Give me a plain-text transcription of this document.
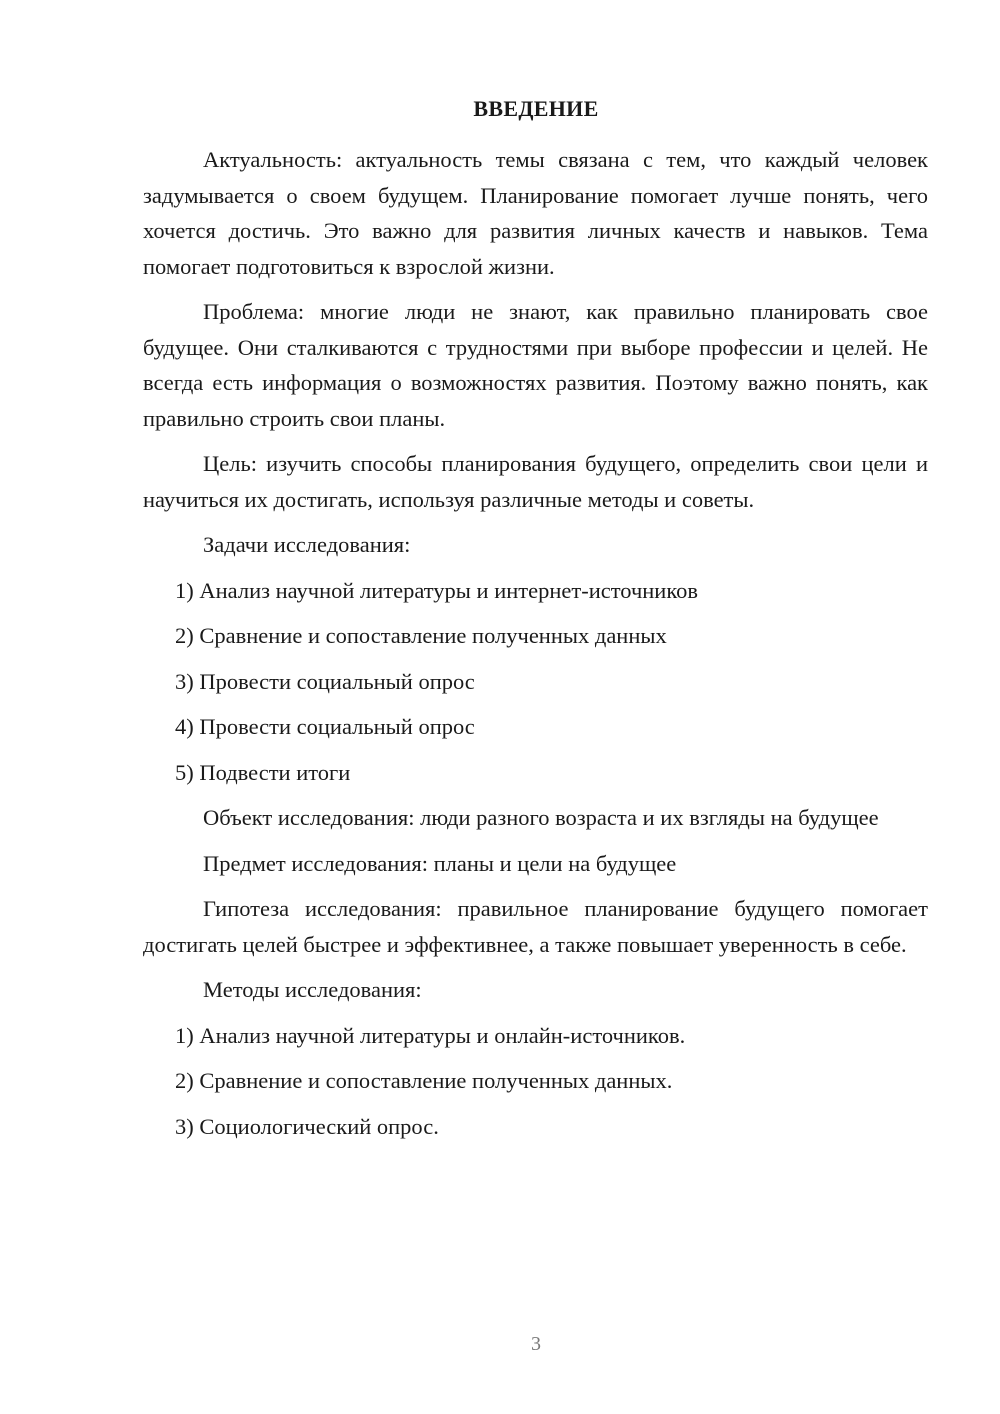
ВВЕДЕНИЕ

Актуальность: актуальность темы связана с тем, что каждый человек задумывается о своем будущем. Планирование помогает лучше понять, чего хочется достичь. Это важно для развития личных качеств и навыков. Тема помогает подготовиться к взрослой жизни.

Проблема: многие люди не знают, как правильно планировать свое будущее. Они сталкиваются с трудностями при выборе профессии и целей. Не всегда есть информация о возможностях развития. Поэтому важно понять, как правильно строить свои планы.

Цель: изучить способы планирования будущего, определить свои цели и научиться их достигать, используя различные методы и советы.

Задачи исследования:

1) Анализ научной литературы и интернет-источников
2) Сравнение и сопоставление полученных данных
3) Провести социальный опрос
4) Провести социальный опрос
5) Подвести итоги

Объект исследования: люди разного возраста и их взгляды на будущее

Предмет исследования: планы и цели на будущее

Гипотеза исследования: правильное планирование будущего помогает достигать целей быстрее и эффективнее, а также повышает уверенность в себе.

Методы исследования:

1) Анализ научной литературы и онлайн-источников.
2) Сравнение и сопоставление полученных данных.
3) Социологический опрос.
3
